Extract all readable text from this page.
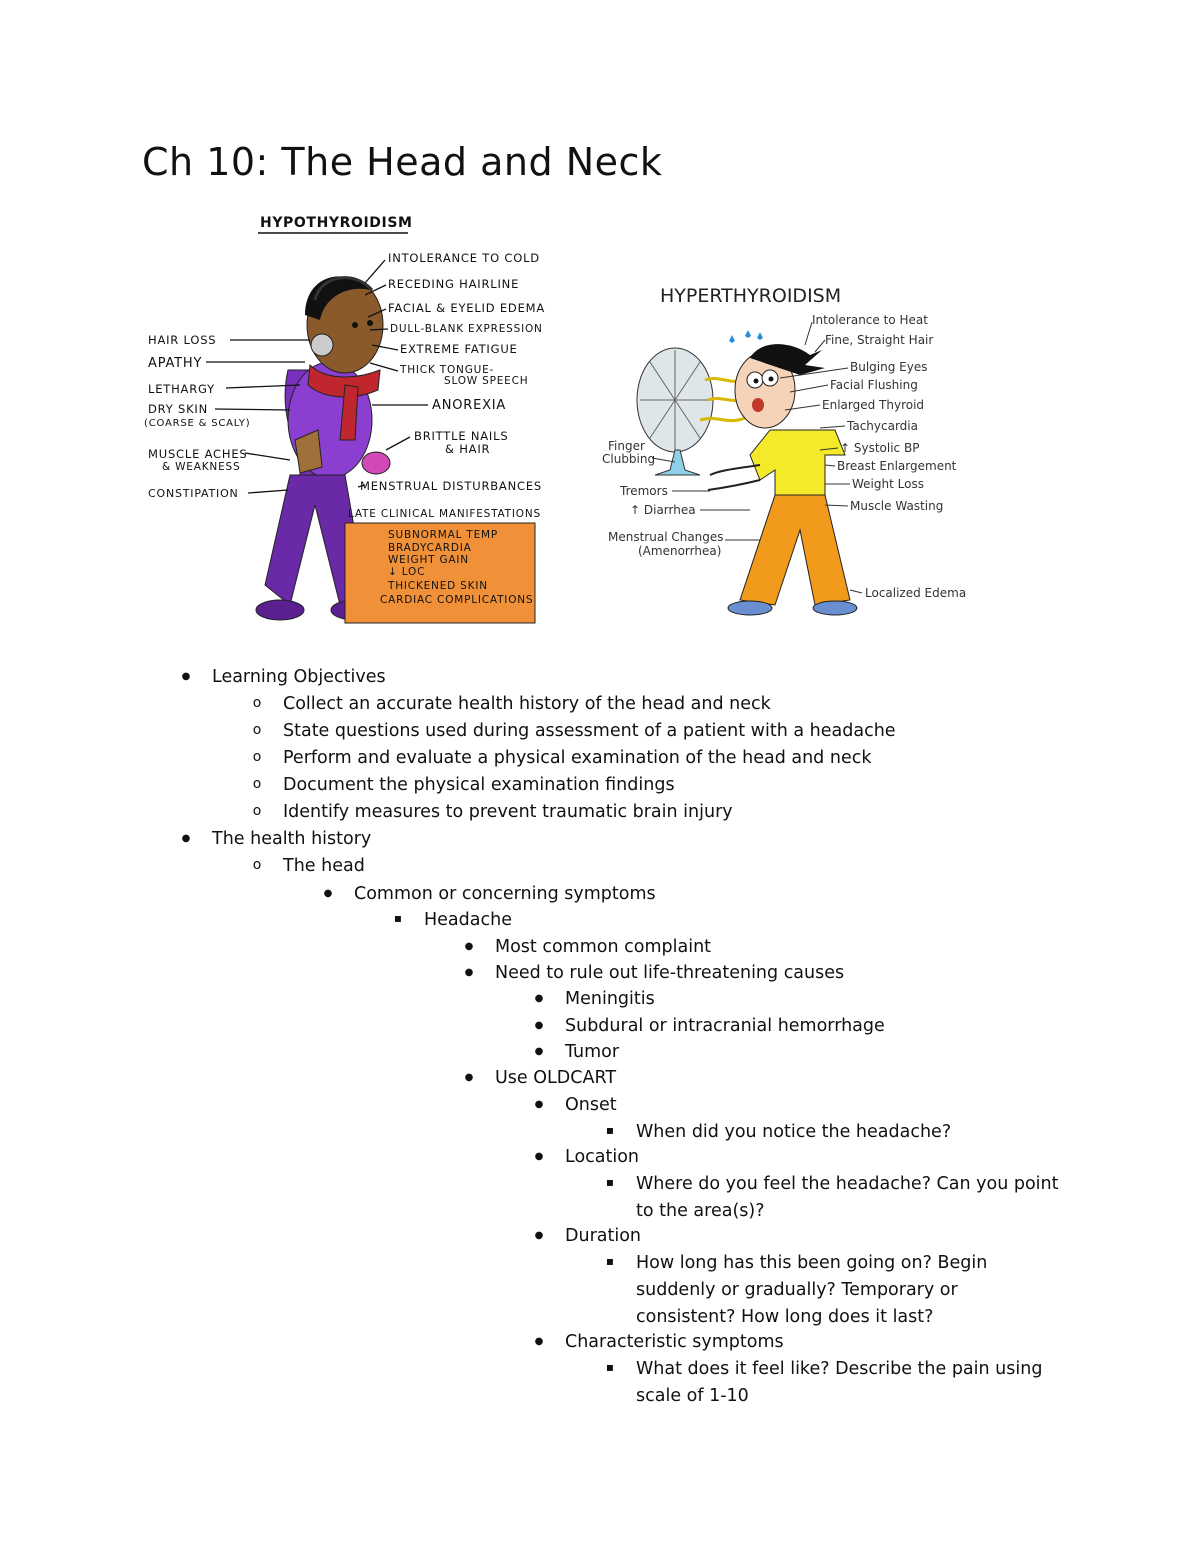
Ch 10: The Head and Neck
HYPOTHYROIDISM
SUBNORMAL TEMP BRADYCARDIA WEIGHT GAIN ↓ LOC THICKENED SKIN CARDIAC COMPLICATIONS
INTOLERANCE TO COLD
RECEDING HAIRLINE
FACIAL & EYELID EDEMA
DULL-BLANK EXPRESSION
EXTREME FATIGUE
THICK TONGUE-
SLOW SPEECH
ANOREXIA
BRITTLE NAILS
& HAIR
MENSTRUAL DISTURBANCES
LATE CLINICAL MANIFESTATIONS
HAIR LOSS
APATHY
LETHARGY
DRY SKIN
(COARSE & SCALY)
MUSCLE ACHES
& WEAKNESS
CONSTIPATION
HYPERTHYROIDISM
Intolerance to Heat
Fine, Straight Hair
Bulging Eyes
Facial Flushing
Enlarged Thyroid
Tachycardia
↑ Systolic BP
Breast Enlargement
Weight Loss
Muscle Wasting
Localized Edema
Finger
Clubbing
Tremors
↑ Diarrhea
Menstrual Changes
(Amenorrhea)
●
Learning Objectives
o
Collect an accurate health history of the head and neck
o
State questions used during assessment of a patient with a headache
o
Perform and evaluate a physical examination of the head and neck
o
Document the physical examination findings
o
Identify measures to prevent traumatic brain injury
●
The health history
o
The head
●
Common or concerning symptoms
▪
Headache
●
Most common complaint
●
Need to rule out life-threatening causes
●
Meningitis
●
Subdural or intracranial hemorrhage
●
Tumor
●
Use OLDCART
●
Onset
▪
When did you notice the headache?
●
Location
▪
Where do you feel the headache? Can you point
to the area(s)?
●
Duration
▪
How long has this been going on? Begin
suddenly or gradually? Temporary or
consistent? How long does it last?
●
Characteristic symptoms
▪
What does it feel like? Describe the pain using
scale of 1-10
